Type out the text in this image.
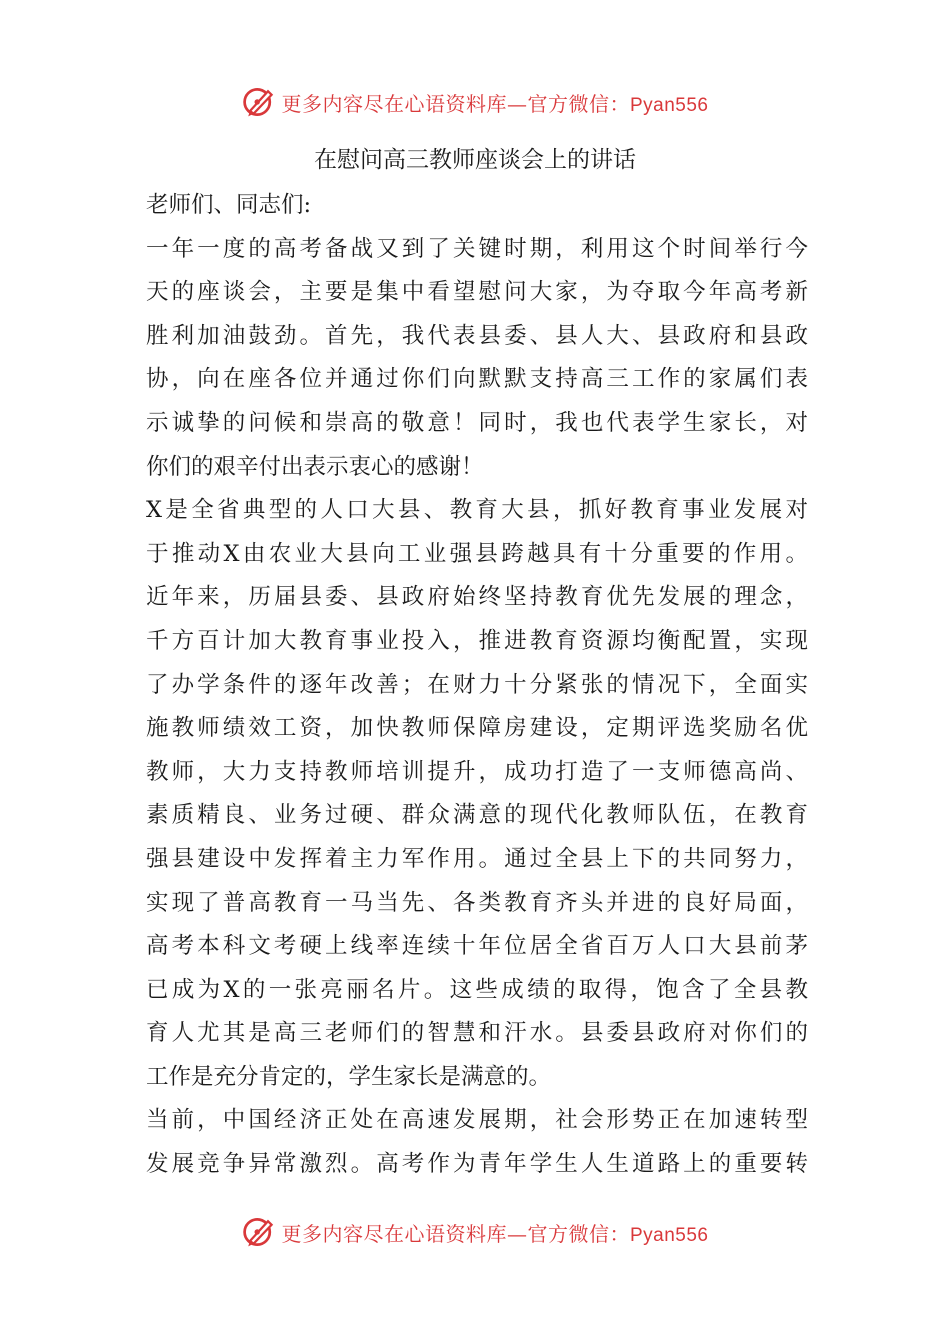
更多内容尽在心语资料库—官方微信：Pyan556
在慰问高三教师座谈会上的讲话
老师们、同志们:
一年一度的高考备战又到了关键时期，利用这个时间举行今
天的座谈会，主要是集中看望慰问大家，为夺取今年高考新
胜利加油鼓劲。首先，我代表县委、县人大、县政府和县政
协，向在座各位并通过你们向默默支持高三工作的家属们表
示诚挚的问候和崇高的敬意！同时，我也代表学生家长，对
你们的艰辛付出表示衷心的感谢！
X是全省典型的人口大县、教育大县，抓好教育事业发展对
于推动X由农业大县向工业强县跨越具有十分重要的作用。
近年来，历届县委、县政府始终坚持教育优先发展的理念，
千方百计加大教育事业投入，推进教育资源均衡配置，实现
了办学条件的逐年改善；在财力十分紧张的情况下，全面实
施教师绩效工资，加快教师保障房建设，定期评选奖励名优
教师，大力支持教师培训提升，成功打造了一支师德高尚、
素质精良、业务过硬、群众满意的现代化教师队伍，在教育
强县建设中发挥着主力军作用。通过全县上下的共同努力，
实现了普高教育一马当先、各类教育齐头并进的良好局面，
高考本科文考硬上线率连续十年位居全省百万人口大县前茅
已成为X的一张亮丽名片。这些成绩的取得，饱含了全县教
育人尤其是高三老师们的智慧和汗水。县委县政府对你们的
工作是充分肯定的，学生家长是满意的。
当前，中国经济正处在高速发展期，社会形势正在加速转型
发展竞争异常激烈。高考作为青年学生人生道路上的重要转
更多内容尽在心语资料库—官方微信：Pyan556
